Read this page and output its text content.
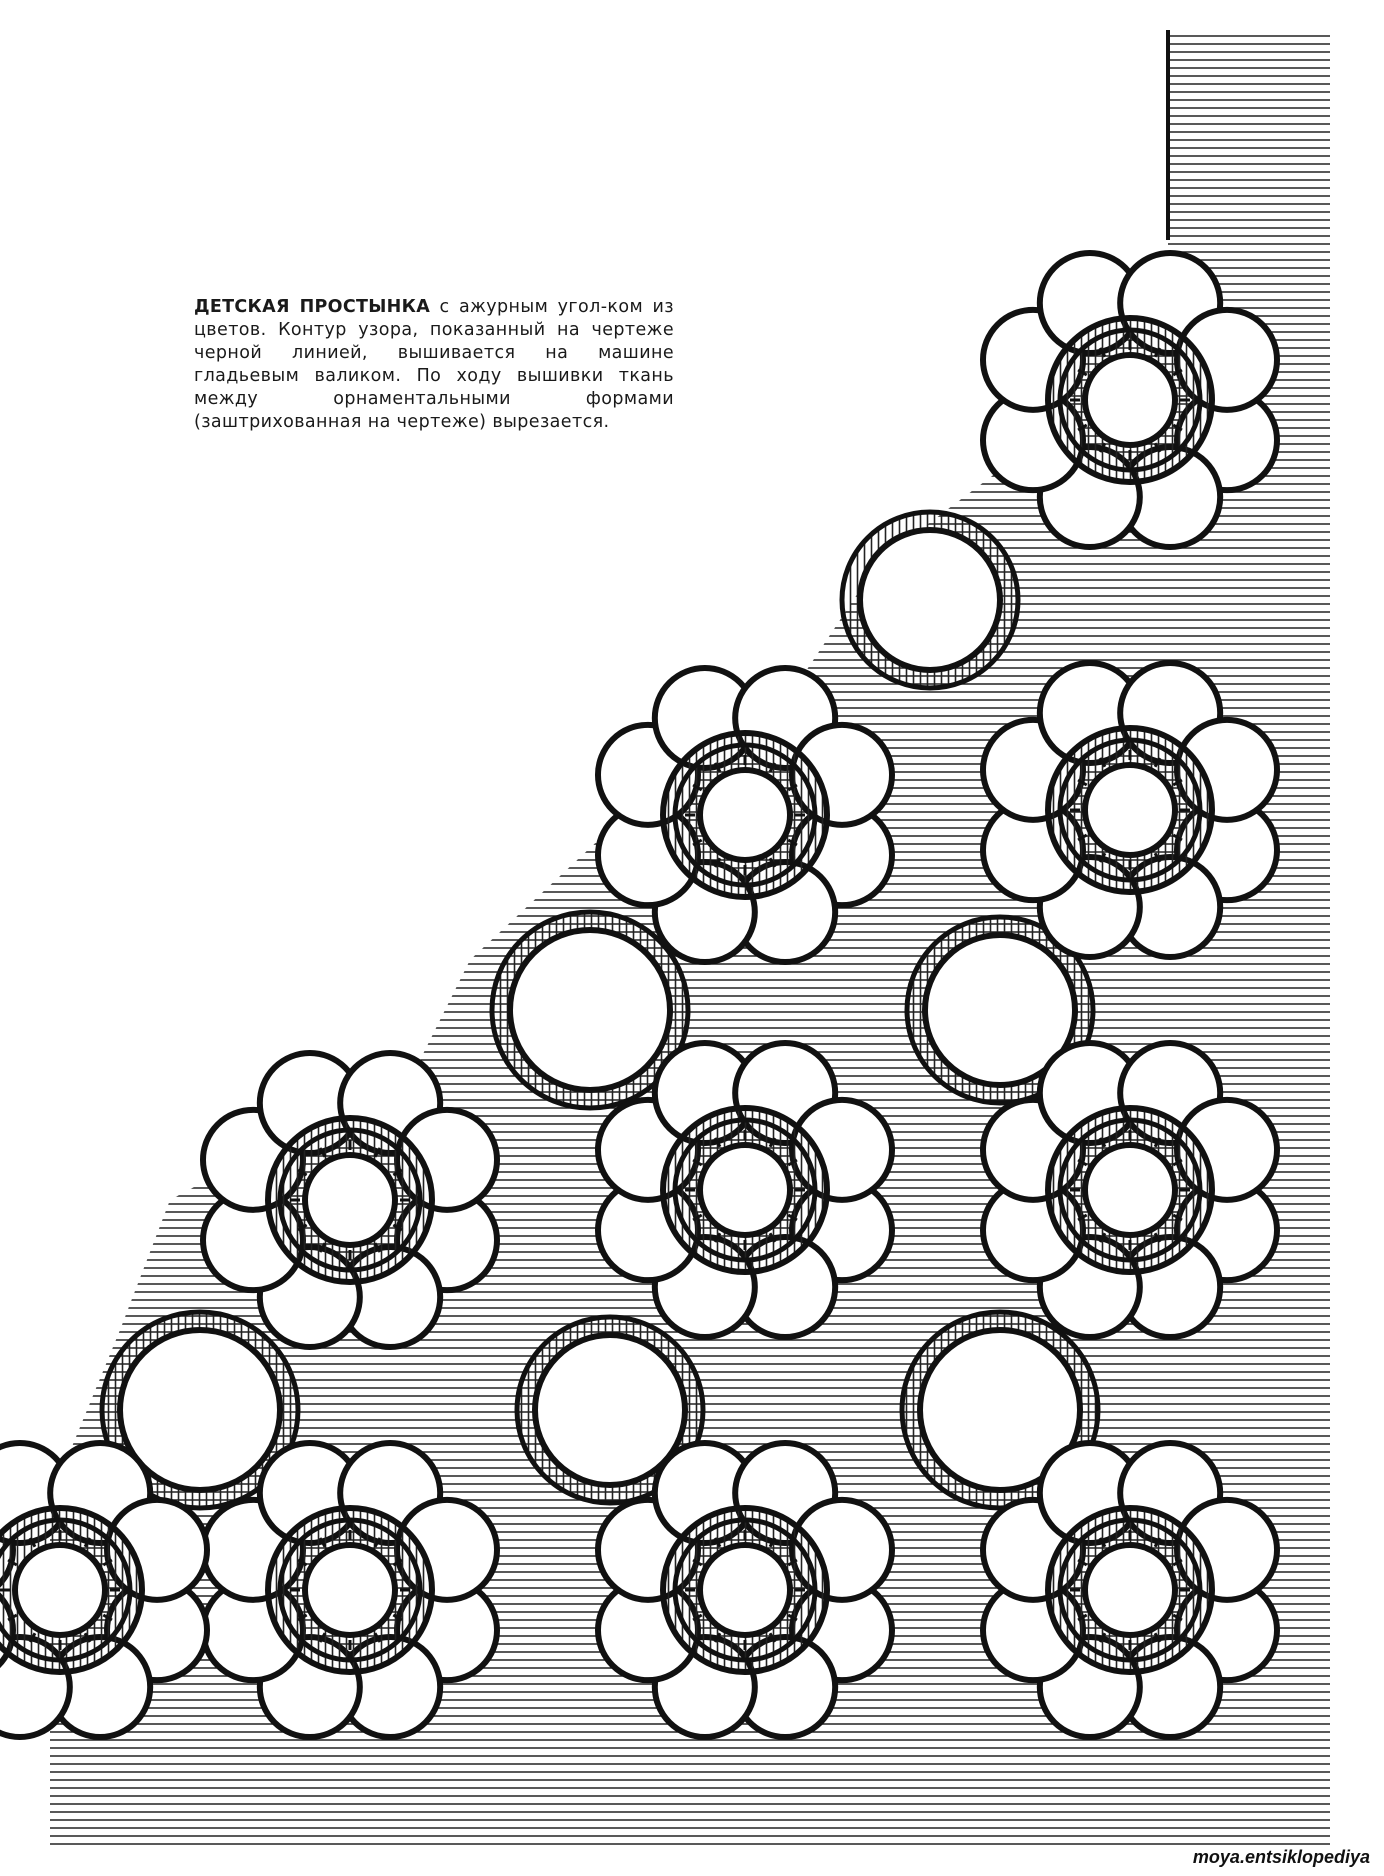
ДЕТСКАЯ ПРОСТЫНКА с ажурным угол-ком из цветов. Контур узора, показанный на чертеже черной линией, вышивается на машине гладьевым валиком. По ходу вышивки ткань между орнаментальными формами (заштрихованная на чертеже) вырезается.
moya.entsiklopediya
